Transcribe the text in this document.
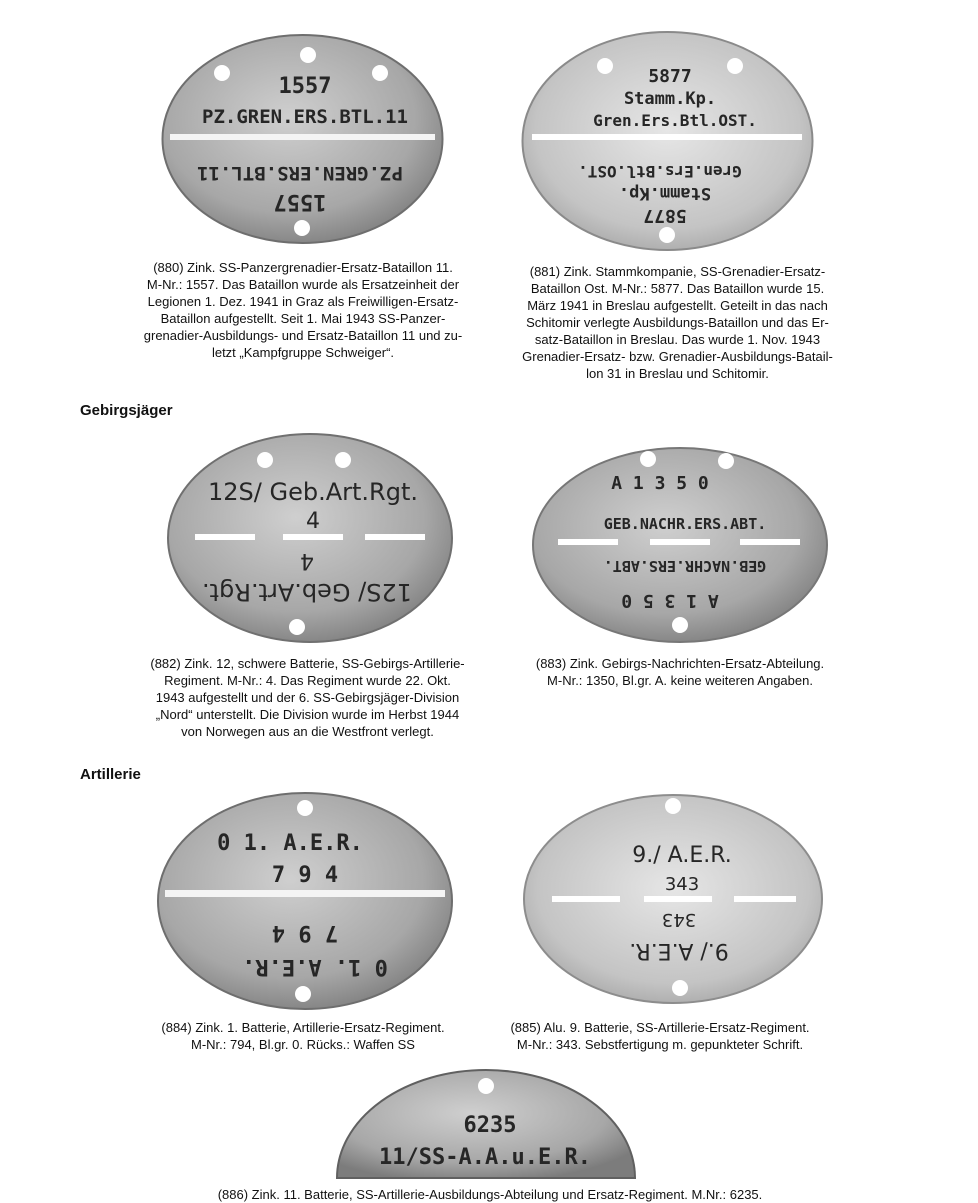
1557
PZ.GREN.ERS.BTL.11
PZ.GREN.ERS.BTL.11
1557
5877
Stamm.Kp.
Gren.Ers.Btl.OST.
Gren.Ers.Btl.OST.
Stamm.Kp.
5877
(880) Zink. SS-Panzergrenadier-Ersatz-Bataillon 11.
M-Nr.: 1557. Das Bataillon wurde als Ersatzeinheit der
Legionen 1. Dez. 1941 in Graz als Freiwilligen-Ersatz-
Bataillon aufgestellt. Seit 1. Mai 1943 SS-Panzer-
grenadier-Ausbildungs- und Ersatz-Bataillon 11 und zu-
letzt „Kampfgruppe Schweiger“.
(881) Zink. Stammkompanie, SS-Grenadier-Ersatz-
Bataillon Ost. M-Nr.: 5877. Das Bataillon wurde 15.
März 1941 in Breslau aufgestellt. Geteilt in das nach
Schitomir verlegte Ausbildungs-Bataillon und das Er-
satz-Bataillon in Breslau. Das wurde 1. Nov. 1943
Grenadier-Ersatz- bzw. Grenadier-Ausbildungs-Batail-
lon 31 in Breslau und Schitomir.
Gebirgsjäger
12S/ Geb.Art.Rgt.
4
4
12S/ Geb.Art.Rgt.
A 1 3 5 0
GEB.NACHR.ERS.ABT.
GEB.NACHR.ERS.ABT.
A 1 3 5 0
(882) Zink. 12, schwere Batterie, SS-Gebirgs-Artillerie-
Regiment. M-Nr.: 4. Das Regiment wurde 22. Okt.
1943 aufgestellt und der 6. SS-Gebirgsjäger-Division
„Nord“ unterstellt. Die Division wurde im Herbst 1944
von Norwegen aus an die Westfront verlegt.
(883) Zink. Gebirgs-Nachrichten-Ersatz-Abteilung.
M-Nr.: 1350, Bl.gr. A. keine weiteren Angaben.
Artillerie
0 1. A.E.R.
7 9 4
7 9 4
0 1. A.E.R.
9./ A.E.R.
343
343
9./ A.E.R.
(884) Zink. 1. Batterie, Artillerie-Ersatz-Regiment.
M-Nr.: 794, Bl.gr. 0. Rücks.: Waffen SS
(885) Alu. 9. Batterie, SS-Artillerie-Ersatz-Regiment.
M-Nr.: 343. Sebstfertigung m. gepunkteter Schrift.
6235
11/SS-A.A.u.E.R.
(886) Zink. 11. Batterie, SS-Artillerie-Ausbildungs-Abteilung und Ersatz-Regiment. M.Nr.: 6235.
